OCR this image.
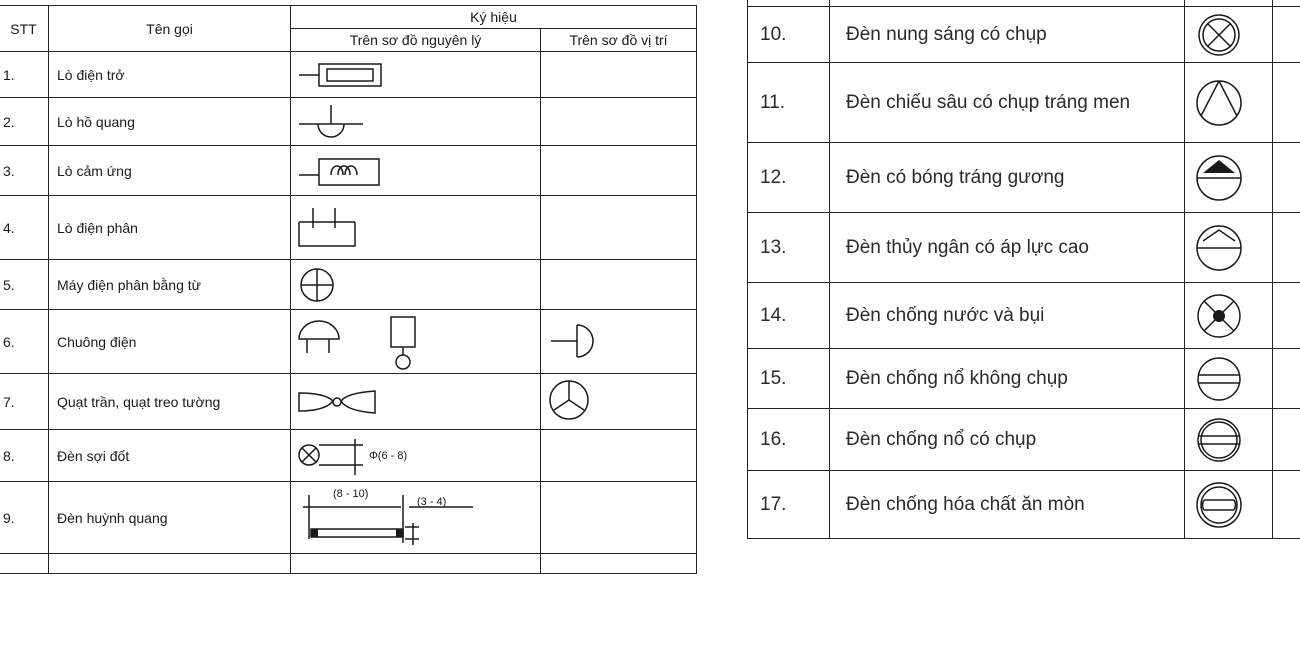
STT	Tên gọi	Ký hiệu	
		Trên sơ đồ nguyên lý	Trên sơ đồ vị trí
1.	Lò điện trở	

2.	Lò hồ quang	

3.	Lò cảm ứng	

4.	Lò điện phân	

5.	Máy điện phân bằng từ	

6.	Chuông điện	

7.	Quạt trần, quạt treo tường	

8.	Đèn sợi đốt	Φ(6 - 8)	

9.	Đèn huỳnh quang	(8 - 10)
(3 - 4)	

10.	Đèn nung sáng có chụp	

11.	Đèn chiếu sâu có chụp tráng men	

12.	Đèn có bóng tráng gương	

13.	Đèn thủy ngân có áp lực cao	

14.	Đèn chống nước và bụi	

15.	Đèn chống nổ không chụp	

16.	Đèn chống nổ có chụp	

17.	Đèn chống hóa chất ăn mòn	
